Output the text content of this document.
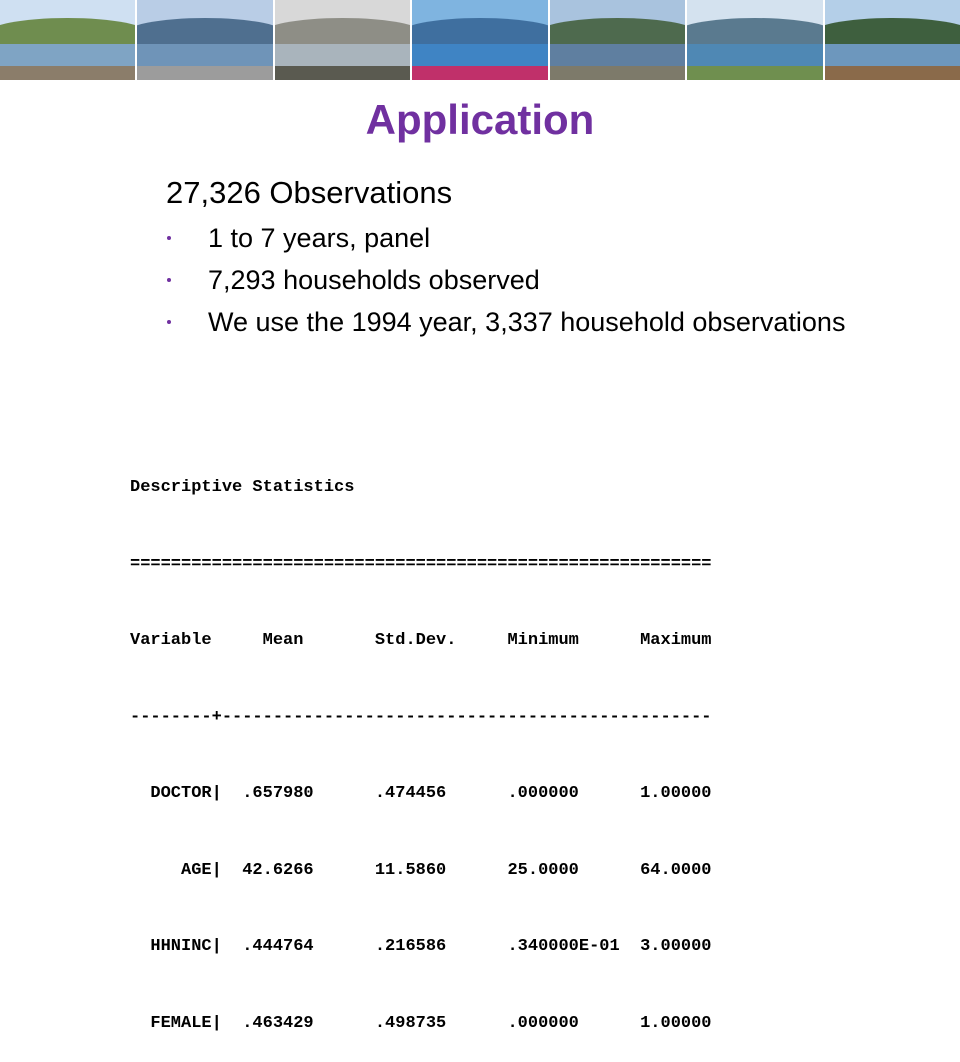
Application
27,326 Observations
1 to 7 years, panel
7,293 households observed
We use the 1994 year, 3,337 household observations

Descriptive Statistics

=========================================================

Variable     Mean       Std.Dev.     Minimum      Maximum

--------+------------------------------------------------

DOCTOR|  .657980      .474456      .000000      1.00000

AGE|  42.6266      11.5860      25.0000      64.0000

HHNINC|  .444764      .216586      .340000E-01  3.00000

FEMALE|  .463429      .498735      .000000      1.00000
